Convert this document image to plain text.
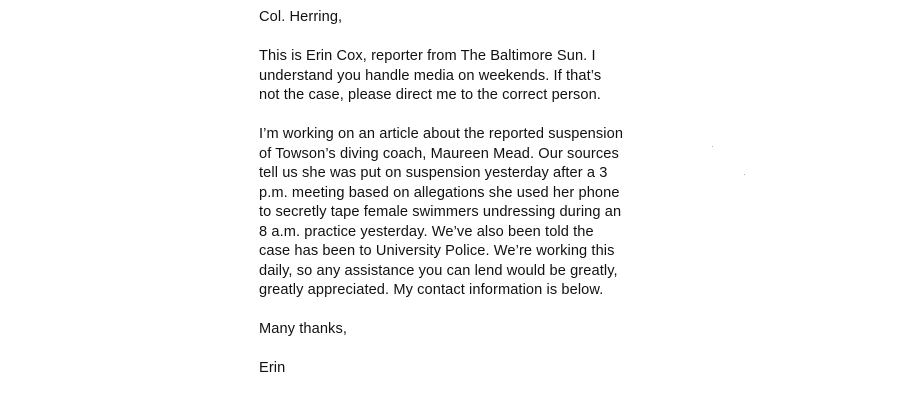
Col. Herring,
This is Erin Cox, reporter from The Baltimore Sun. I
understand you handle media on weekends. If that’s
not the case, please direct me to the correct person.
I’m working on an article about the reported suspension
of Towson’s diving coach, Maureen Mead. Our sources
tell us she was put on suspension yesterday after a 3
p.m. meeting based on allegations she used her phone
to secretly tape female swimmers undressing during an
8 a.m. practice yesterday. We’ve also been told the
case has been to University Police. We’re working this
daily, so any assistance you can lend would be greatly,
greatly appreciated. My contact information is below.
Many thanks,
Erin
